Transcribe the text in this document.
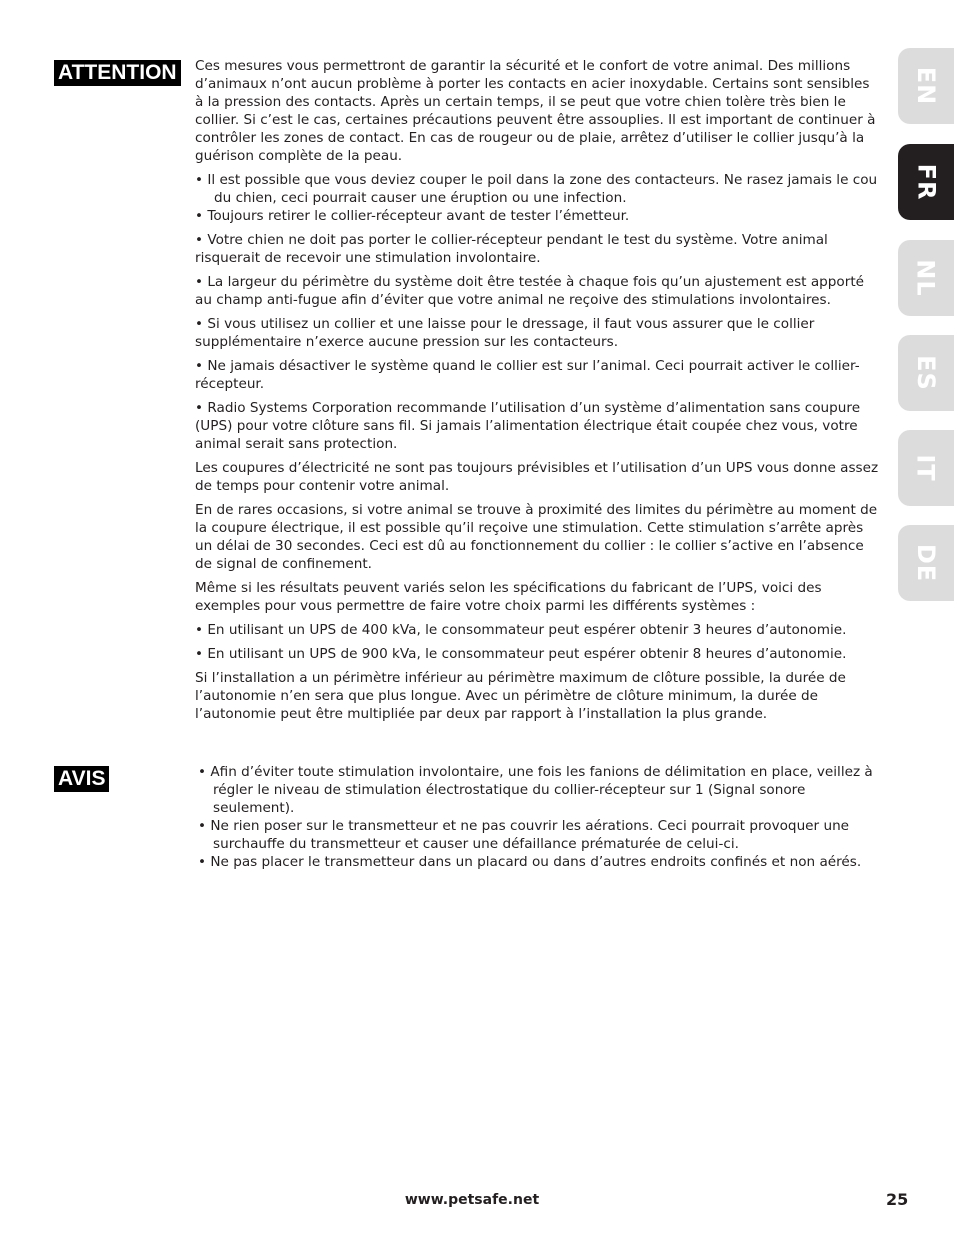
ATTENTION
AVIS

Ces mesures vous permettront de garantir la sécurité et le confort de votre animal. Des millions d’animaux n’ont aucun problème à porter les contacts en acier inoxydable. Certains sont sensibles à la pression des contacts. Après un certain temps, il se peut que votre chien tolère très bien le collier. Si c’est le cas, certaines précautions peuvent être assouplies. Il est important de continuer à contrôler les zones de contact. En cas de rougeur ou de plaie, arrêtez d’utiliser le collier jusqu’à la guérison complète de la peau.

• Il est possible que vous deviez couper le poil dans la zone des contacteurs. Ne rasez jamais le cou du chien, ceci pourrait causer une éruption ou une infection.

• Toujours retirer le collier-récepteur avant de tester l’émetteur.

• Votre chien ne doit pas porter le collier-récepteur pendant le test du système. Votre animal risquerait de recevoir une stimulation involontaire.

• La largeur du périmètre du système doit être testée à chaque fois qu’un ajustement est apporté au champ anti-fugue afin d’éviter que votre animal ne reçoive des stimulations involontaires.

• Si vous utilisez un collier et une laisse pour le dressage, il faut vous assurer que le collier supplémentaire n’exerce aucune pression sur les contacteurs.

• Ne jamais désactiver le système quand le collier est sur l’animal. Ceci pourrait activer le collier-récepteur.

• Radio Systems Corporation recommande l’utilisation d’un système d’alimentation sans coupure (UPS) pour votre clôture sans fil. Si jamais l’alimentation électrique était coupée chez vous, votre animal serait sans protection.

Les coupures d’électricité ne sont pas toujours prévisibles et l’utilisation d’un UPS vous donne assez de temps pour contenir votre animal.

En de rares occasions, si votre animal se trouve à proximité des limites du périmètre au moment de la coupure électrique, il est possible qu’il reçoive une stimulation. Cette stimulation s’arrête après un délai de 30 secondes. Ceci est dû au fonctionnement du collier : le collier s’active en l’absence de signal de confinement.

Même si les résultats peuvent variés selon les spécifications du fabricant de l’UPS, voici des exemples pour vous permettre de faire votre choix parmi les différents systèmes :

• En utilisant un UPS de 400 kVa, le consommateur peut espérer obtenir 3 heures d’autonomie.

• En utilisant un UPS de 900 kVa, le consommateur peut espérer obtenir 8 heures d’autonomie.

Si l’installation a un périmètre inférieur au périmètre maximum de clôture possible, la durée de l’autonomie n’en sera que plus longue. Avec un périmètre de clôture minimum, la durée de l’autonomie peut être multipliée par deux par rapport à l’installation la plus grande.

• Afin d’éviter toute stimulation involontaire, une fois les fanions de délimitation en place, veillez à régler le niveau de stimulation électrostatique du collier-récepteur sur 1 (Signal sonore seulement).

• Ne rien poser sur le transmetteur et ne pas couvrir les aérations. Ceci pourrait provoquer une surchauffe du transmetteur et causer une défaillance prématurée de celui-ci.

• Ne pas placer le transmetteur dans un placard ou dans d’autres endroits confinés et non aérés.

EN
FR
NL
ES
IT
DE
www.petsafe.net	25
